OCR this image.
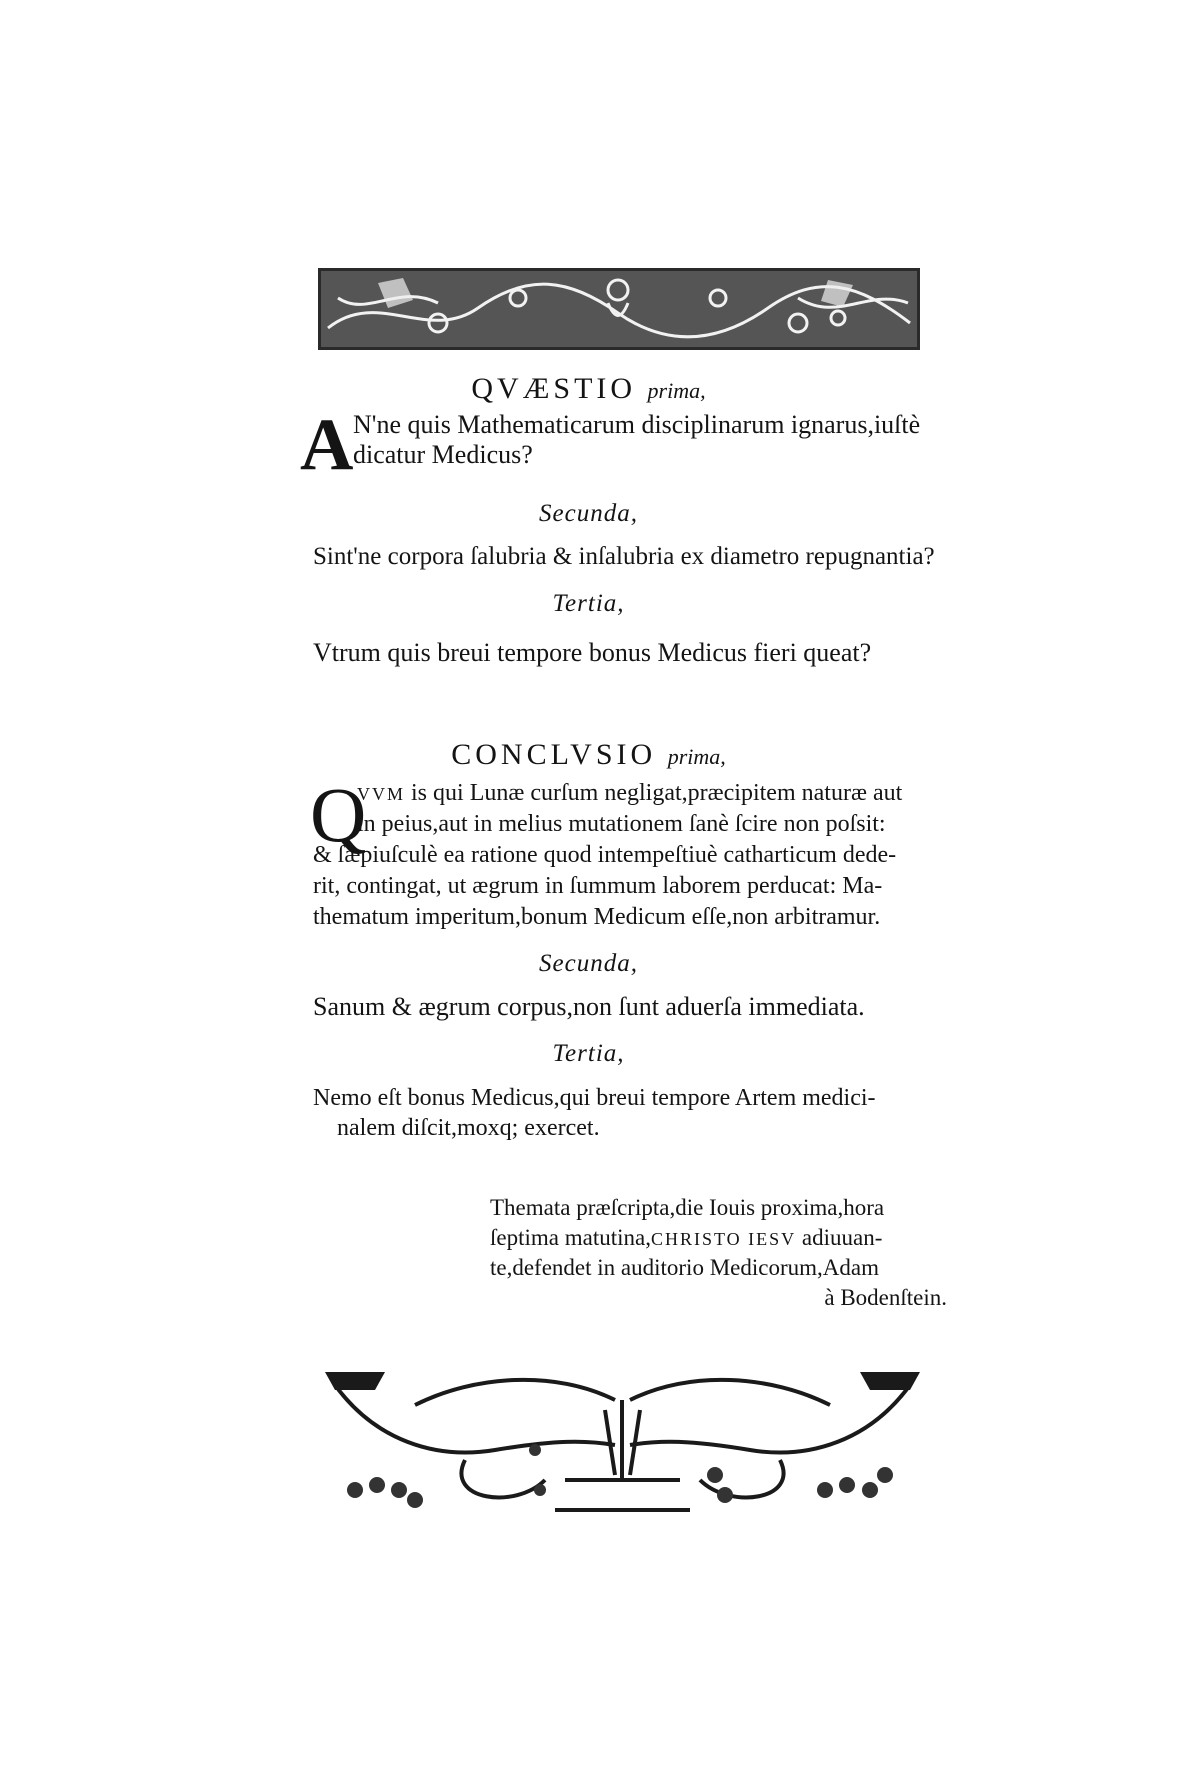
QVÆSTIO prima,
A N'ne quis Mathematicarum disciplinarum ignarus,iuſtè
dicatur Medicus?
Secunda,
Sint'ne corpora ſalubria & inſalubria ex diametro repugnantia?
Tertia,
Vtrum quis breui tempore bonus Medicus fieri queat?
CONCLVSIO prima,
Q
VVM is qui Lunæ curſum negligat,præcipitem naturæ aut
in peius,aut in melius mutationem ſanè ſcire non poſsit:
& ſæpiuſculè ea ratione quod intempeſtiuè catharticum dede-
rit, contingat, ut ægrum in ſummum laborem perducat: Ma-
thematum imperitum,bonum Medicum eſſe,non arbitramur.
Secunda,
Sanum & ægrum corpus,non ſunt aduerſa immediata.
Tertia,
Nemo eſt bonus Medicus,qui breui tempore Artem medici-
nalem diſcit,moxq; exercet.
Themata præſcripta,die Iouis proxima,hora
ſeptima matutina,CHRISTO IESV adiuuan-
te,defendet in auditorio Medicorum,Adam
à Bodenſtein.
